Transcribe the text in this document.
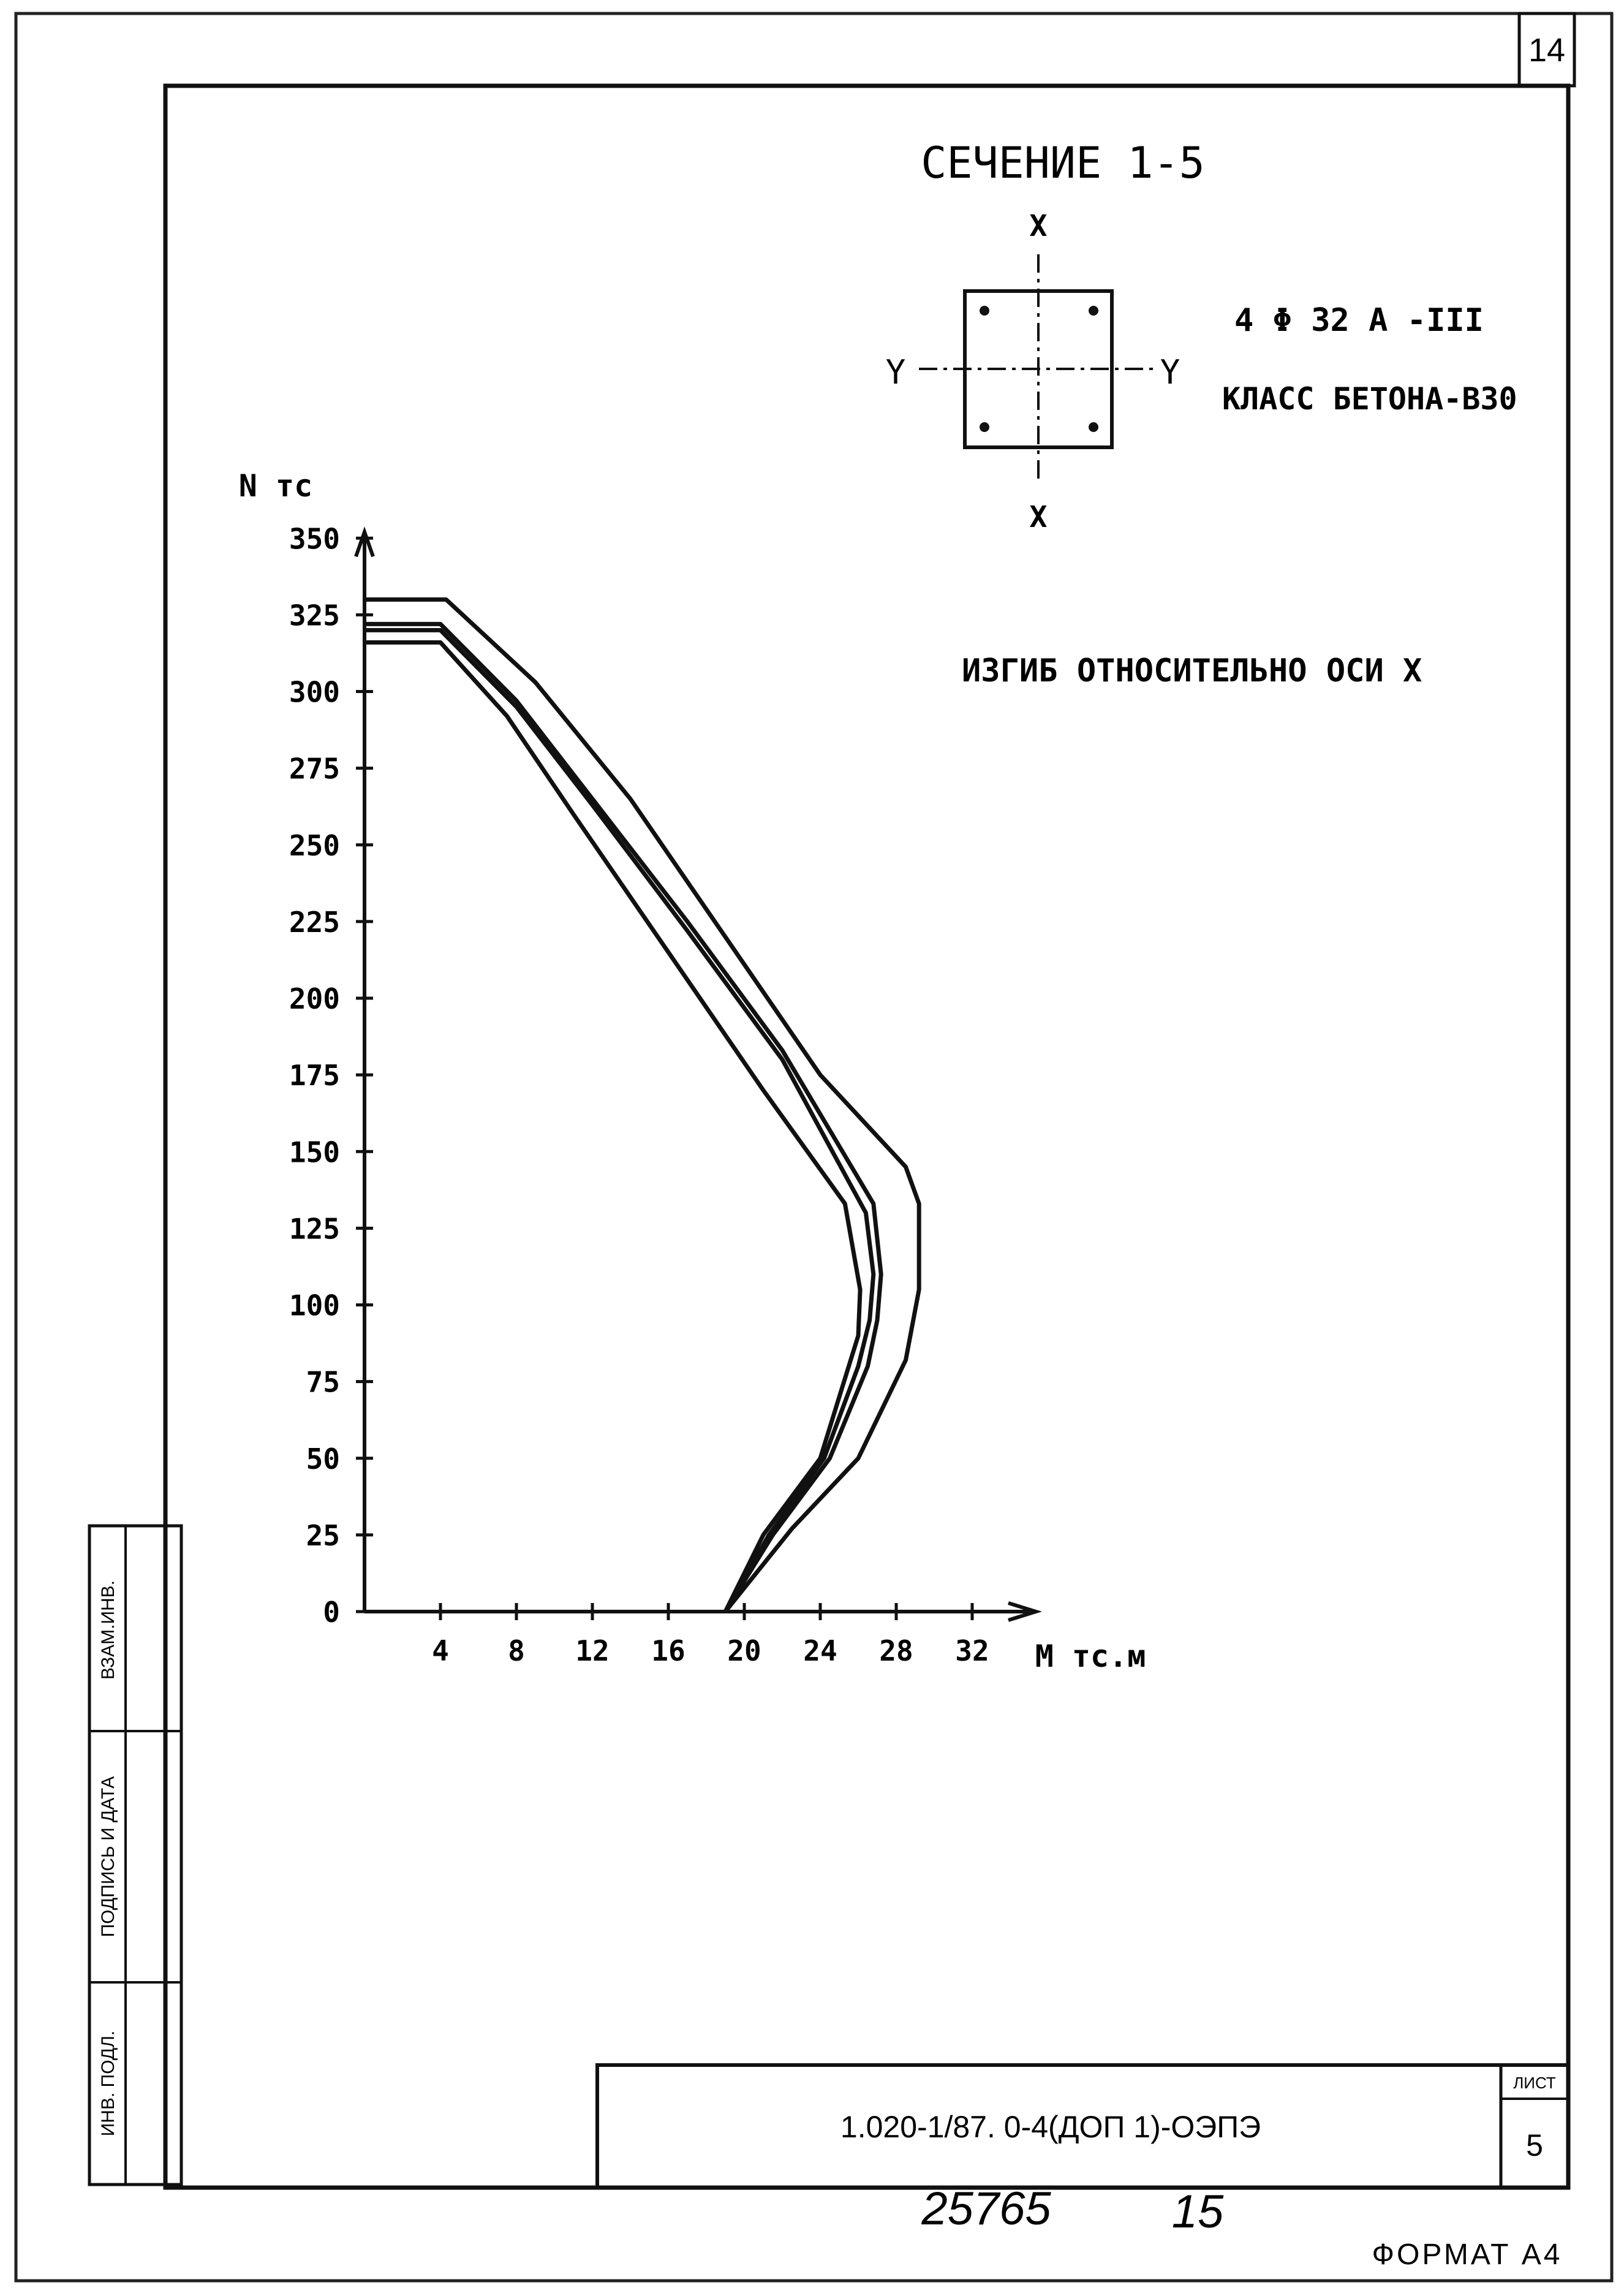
14
ВЗАМ.ИНВ.
ПОДПИСЬ И ДАТА
ИНВ. ПОДЛ.	1.020-1/87. 0-4(ДОП 1)-ОЭПЭ
ЛИСТ
5
25765	15
ФОРМАТ А4
СЕЧЕНИЕ 1-5
X
X
Y	Y
4 Φ 32 A -III
КЛАСС БЕТОНА-В30
ИЗГИБ ОТНОСИТЕЛЬНО ОСИ X
0
25
50
75
100
125
150
175
200
225
250
275
300
325
350
4 8 12 16 20 24 28 32
N тс
М тс.м
